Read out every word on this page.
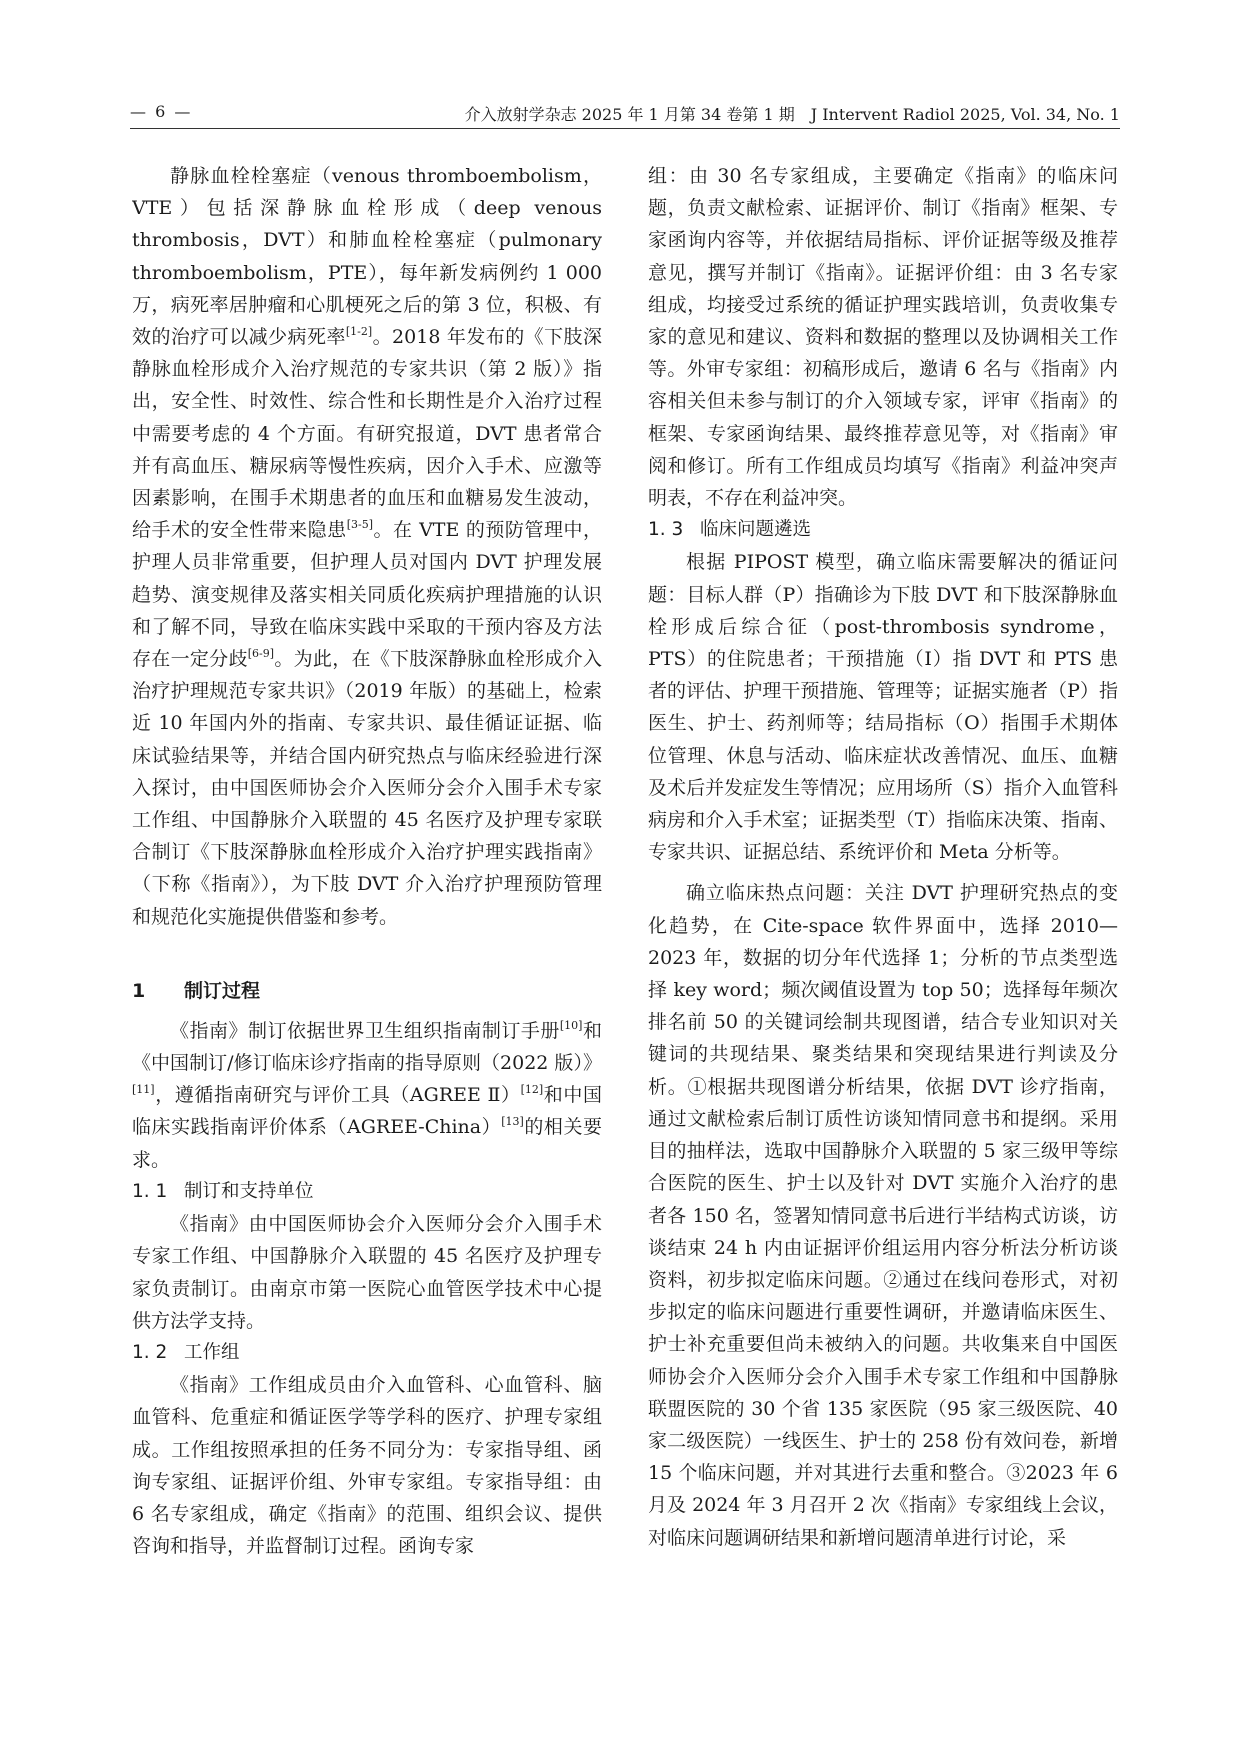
— 6 —	介入放射学杂志 2025 年 1 月第 34 卷第 1 期　J Intervent Radiol 2025, Vol. 34, No. 1

静脉血栓栓塞症（venous thromboembolism，VTE）包括深静脉血栓形成（deep venous thrombosis，DVT）和肺血栓栓塞症（pulmonary thromboembolism，PTE），每年新发病例约 1 000 万，病死率居肿瘤和心肌梗死之后的第 3 位，积极、有效的治疗可以减少病死率[1-2]。2018 年发布的《下肢深静脉血栓形成介入治疗规范的专家共识（第 2 版）》指出，安全性、时效性、综合性和长期性是介入治疗过程中需要考虑的 4 个方面。有研究报道，DVT 患者常合并有高血压、糖尿病等慢性疾病，因介入手术、应激等因素影响，在围手术期患者的血压和血糖易发生波动，给手术的安全性带来隐患[3-5]。在 VTE 的预防管理中，护理人员非常重要，但护理人员对国内 DVT 护理发展趋势、演变规律及落实相关同质化疾病护理措施的认识和了解不同，导致在临床实践中采取的干预内容及方法存在一定分歧[6-9]。为此，在《下肢深静脉血栓形成介入治疗护理规范专家共识》（2019 年版）的基础上，检索近 10 年国内外的指南、专家共识、最佳循证证据、临床试验结果等，并结合国内研究热点与临床经验进行深入探讨，由中国医师协会介入医师分会介入围手术专家工作组、中国静脉介入联盟的 45 名医疗及护理专家联合制订《下肢深静脉血栓形成介入治疗护理实践指南》（下称《指南》），为下肢 DVT 介入治疗护理预防管理和规范化实施提供借鉴和参考。

1 制订过程

《指南》制订依据世界卫生组织指南制订手册[10]和《中国制订/修订临床诊疗指南的指导原则（2022 版）》[11]，遵循指南研究与评价工具（AGREE Ⅱ）[12]和中国临床实践指南评价体系（AGREE-China）[13]的相关要求。

1. 1 制订和支持单位

《指南》由中国医师协会介入医师分会介入围手术专家工作组、中国静脉介入联盟的 45 名医疗及护理专家负责制订。由南京市第一医院心血管医学技术中心提供方法学支持。

1. 2 工作组

《指南》工作组成员由介入血管科、心血管科、脑血管科、危重症和循证医学等学科的医疗、护理专家组成。工作组按照承担的任务不同分为：专家指导组、函询专家组、证据评价组、外审专家组。专家指导组：由 6 名专家组成，确定《指南》的范围、组织会议、提供咨询和指导，并监督制订过程。函询专家

组：由 30 名专家组成，主要确定《指南》的临床问题，负责文献检索、证据评价、制订《指南》框架、专家函询内容等，并依据结局指标、评价证据等级及推荐意见，撰写并制订《指南》。证据评价组：由 3 名专家组成，均接受过系统的循证护理实践培训，负责收集专家的意见和建议、资料和数据的整理以及协调相关工作等。外审专家组：初稿形成后，邀请 6 名与《指南》内容相关但未参与制订的介入领域专家，评审《指南》的框架、专家函询结果、最终推荐意见等，对《指南》审阅和修订。所有工作组成员均填写《指南》利益冲突声明表，不存在利益冲突。

1. 3 临床问题遴选

根据 PIPOST 模型，确立临床需要解决的循证问题：目标人群（P）指确诊为下肢 DVT 和下肢深静脉血栓形成后综合征（post-thrombosis syndrome，PTS）的住院患者；干预措施（I）指 DVT 和 PTS 患者的评估、护理干预措施、管理等；证据实施者（P）指医生、护士、药剂师等；结局指标（O）指围手术期体位管理、休息与活动、临床症状改善情况、血压、血糖及术后并发症发生等情况；应用场所（S）指介入血管科病房和介入手术室；证据类型（T）指临床决策、指南、专家共识、证据总结、系统评价和 Meta 分析等。

确立临床热点问题：关注 DVT 护理研究热点的变化趋势，在 Cite-space 软件界面中，选择 2010—2023 年，数据的切分年代选择 1；分析的节点类型选择 key word；频次阈值设置为 top 50；选择每年频次排名前 50 的关键词绘制共现图谱，结合专业知识对关键词的共现结果、聚类结果和突现结果进行判读及分析。①根据共现图谱分析结果，依据 DVT 诊疗指南，通过文献检索后制订质性访谈知情同意书和提纲。采用目的抽样法，选取中国静脉介入联盟的 5 家三级甲等综合医院的医生、护士以及针对 DVT 实施介入治疗的患者各 150 名，签署知情同意书后进行半结构式访谈，访谈结束 24 h 内由证据评价组运用内容分析法分析访谈资料，初步拟定临床问题。②通过在线问卷形式，对初步拟定的临床问题进行重要性调研，并邀请临床医生、护士补充重要但尚未被纳入的问题。共收集来自中国医师协会介入医师分会介入围手术专家工作组和中国静脉联盟医院的 30 个省 135 家医院（95 家三级医院、40 家二级医院）一线医生、护士的 258 份有效问卷，新增 15 个临床问题，并对其进行去重和整合。③2023 年 6 月及 2024 年 3 月召开 2 次《指南》专家组线上会议，对临床问题调研结果和新增问题清单进行讨论，采
